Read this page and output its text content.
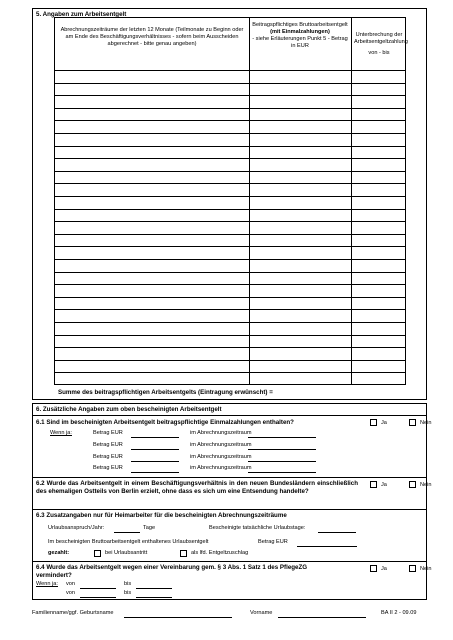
5. Angaben zum Arbeitsentgelt
Abrechnungszeiträume der letzten 12 Monate (Teilmonate zu Beginn oder am Ende des Beschäftigungsverhältnisses - sofern beim Ausscheiden abgerechnet - bitte genau angeben)
Beitragspflichtiges Bruttoarbeitsentgelt
(mit Einmalzahlungen)
- siehe Erläuterungen Punkt 5 - Betrag in EUR
Unterbrechung der Arbeitsentgeltzahlung
von - bis
Summe des beitragspflichtigen Arbeitsentgelts (Eintragung erwünscht) =
6. Zusätzliche Angaben zum oben bescheinigten Arbeitsentgelt
6.1 Sind im bescheinigten Arbeitsentgelt beitragspflichtige Einmalzahlungen enthalten?	Ja	Nein
Wenn ja:	Betrag EUR	im Abrechnungszeitraum
Betrag EUR	im Abrechnungszeitraum
Betrag EUR	im Abrechnungszeitraum
Betrag EUR	im Abrechnungszeitraum
6.2 Wurde das Arbeitsentgelt in einem Beschäftigungsverhältnis in den neuen Bundesländern einschließlich des ehemaligen Ostteils von Berlin erzielt, ohne dass es sich um eine Entsendung handelte?
Ja	Nein
6.3 Zusatzangaben nur für Heimarbeiter für die bescheinigten Abrechnungszeiträume
Urlaubsanspruch/Jahr:	Tage	Bescheinigte tatsächliche Urlaubstage:
Im bescheinigten Bruttoarbeitsentgelt enthaltenes Urlaubsentgelt	Betrag EUR
gezahlt:	bei Urlaubsantritt	als lfd. Entgeltzuschlag
6.4 Wurde das Arbeitsentgelt wegen einer Vereinbarung gem. § 3 Abs. 1 Satz 1 des PflegeZG vermindert?
Ja	Nein
Wenn ja: von	bis
von	bis
Familienname/ggf. Geburtsname	Vorname	BA II 2 - 09.09
